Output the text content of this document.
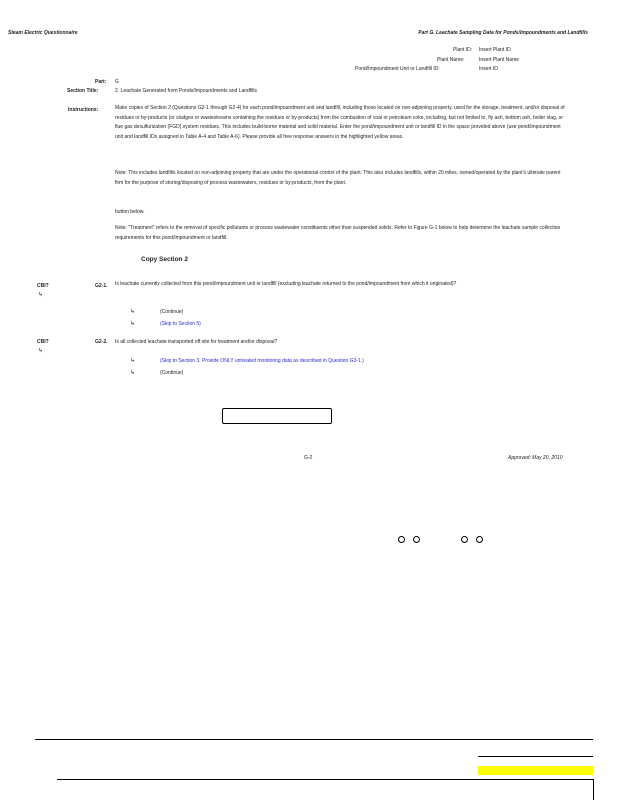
Steam Electric Questionnaire	Part G. Leachate Sampling Data for Ponds/Impoundments and Landfills
Plant ID: Insert Plant ID
Plant Name:	Insert Plant Name
Pond/Impoundment Unit or Landfill ID:	Insert ID
Part: G
Section Title:	2. Leachate Generated from Ponds/Impoundments and Landfills
Instructions:	Make copies of Section 2 (Questions G2-1 through G2-4) for each pond/impoundment unit and landfill, including those located on non-adjoining property, used for the storage, treatment, and/or disposal of residues or by-products (or sludges or wastestreams containing the residues or by-products) from the combustion of coal or petroleum coke, including, but not limited to, fly ash, bottom ash, boiler slag, or flue gas desulfurization (FGD) system residues. This includes build-borne material and solid material. Enter the pond/impoundment unit or landfill ID in the space provided above (use pond/impoundment unit and landfill IDs assigned in Table A-4 and Table A-6). Please provide all free response answers in the highlighted yellow areas.
Note: This includes landfills located on non-adjoining property that are under the operational control of the plant. This also includes landfills, within 20 miles, owned/operated by the plant's ultimate parent firm for the purpose of storing/disposing of process wastewaters, residues or by-products, from the plant.
button below.
Note: "Treatment" refers to the removal of specific pollutants or process wastewater constituents other than suspended solids. Refer to Figure G-1 below to help determine the leachate sample collection requirements for this pond/impoundment or landfill.
Copy Section 2
CBI?
↳
G2-1. Is leachate currently collected from this pond/impoundment unit or landfill (excluding leachate returned to the pond/impoundment from which it originated)?
↳	(Continue)
↳	(Skip to Section 5)
CBI?
↳
G2-2. Is all collected leachate transported off site for treatment and/or disposal?
↳	(Skip to Section 3. Provide ONLY untreated monitoring data as described in Question G3-1.)
↳	(Continue)
G-2	Approved: May 20, 2010
